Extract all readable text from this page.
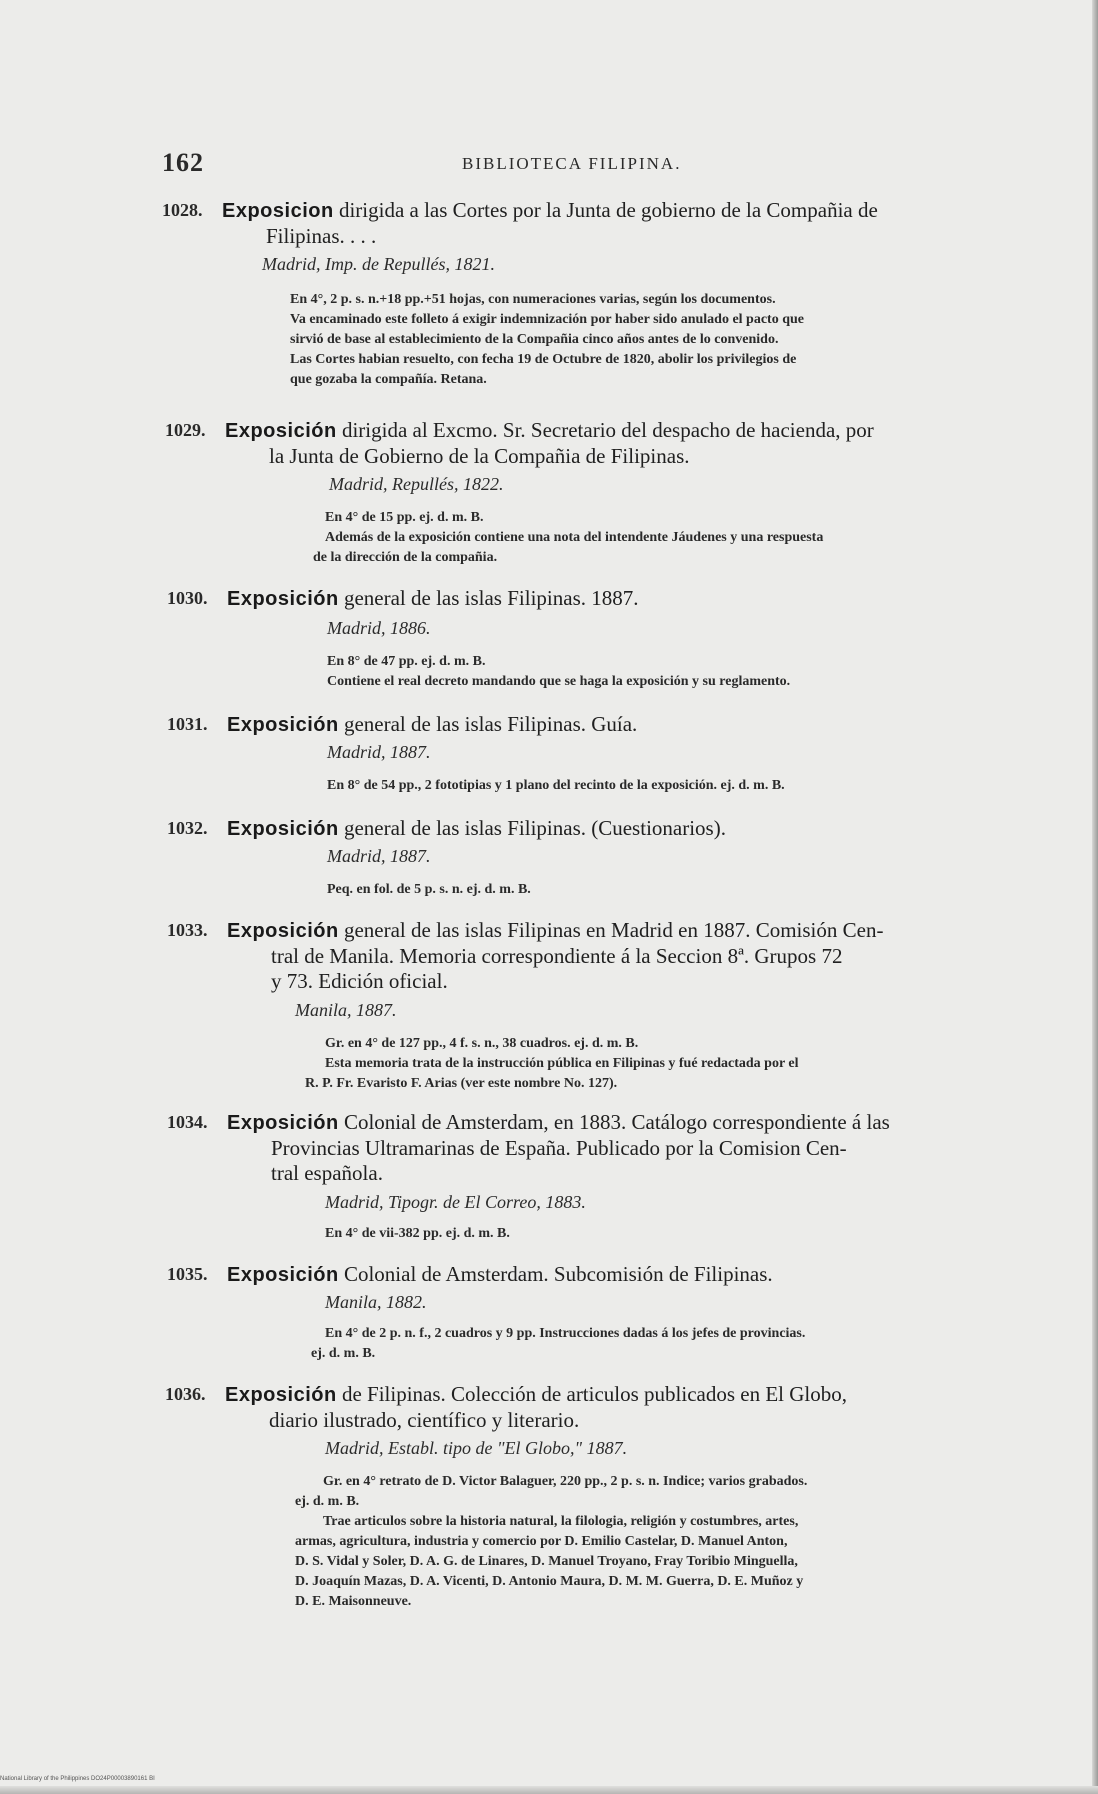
162	BIBLIOTECA FILIPINA.
1028. Exposicion dirigida a las Cortes por la Junta de gobierno de la Compañia de
Filipinas. . . .
Madrid, Imp. de Repullés, 1821.
En 4°, 2 p. s. n.+18 pp.+51 hojas, con numeraciones varias, según los documentos.
Va encaminado este folleto á exigir indemnización por haber sido anulado el pacto que
sirvió de base al establecimiento de la Compañia cinco años antes de lo convenido.
Las Cortes habian resuelto, con fecha 19 de Octubre de 1820, abolir los privilegios de
que gozaba la compañía. Retana.
1029. Exposición dirigida al Excmo. Sr. Secretario del despacho de hacienda, por
la Junta de Gobierno de la Compañia de Filipinas.
Madrid, Repullés, 1822.
En 4° de 15 pp. ej. d. m. B.
Además de la exposición contiene una nota del intendente Jáudenes y una respuesta
de la dirección de la compañia.
1030. Exposición general de las islas Filipinas. 1887.
Madrid, 1886.
En 8° de 47 pp. ej. d. m. B.
Contiene el real decreto mandando que se haga la exposición y su reglamento.
1031. Exposición general de las islas Filipinas. Guía.
Madrid, 1887.
En 8° de 54 pp., 2 fototipias y 1 plano del recinto de la exposición. ej. d. m. B.
1032. Exposición general de las islas Filipinas. (Cuestionarios).
Madrid, 1887.
Peq. en fol. de 5 p. s. n. ej. d. m. B.
1033. Exposición general de las islas Filipinas en Madrid en 1887. Comisión Cen-
tral de Manila. Memoria correspondiente á la Seccion 8ª. Grupos 72
y 73. Edición oficial.
Manila, 1887.
Gr. en 4° de 127 pp., 4 f. s. n., 38 cuadros. ej. d. m. B.
Esta memoria trata de la instrucción pública en Filipinas y fué redactada por el
R. P. Fr. Evaristo F. Arias (ver este nombre No. 127).
1034. Exposición Colonial de Amsterdam, en 1883. Catálogo correspondiente á las
Provincias Ultramarinas de España. Publicado por la Comision Cen-
tral española.
Madrid, Tipogr. de El Correo, 1883.
En 4° de vii-382 pp. ej. d. m. B.
1035. Exposición Colonial de Amsterdam. Subcomisión de Filipinas.
Manila, 1882.
En 4° de 2 p. n. f., 2 cuadros y 9 pp. Instrucciones dadas á los jefes de provincias.
ej. d. m. B.
1036. Exposición de Filipinas. Colección de articulos publicados en El Globo,
diario ilustrado, científico y literario.
Madrid, Establ. tipo de "El Globo," 1887.
Gr. en 4° retrato de D. Victor Balaguer, 220 pp., 2 p. s. n. Indice; varios grabados.
ej. d. m. B.
Trae articulos sobre la historia natural, la filologia, religión y costumbres, artes,
armas, agricultura, industria y comercio por D. Emilio Castelar, D. Manuel Anton,
D. S. Vidal y Soler, D. A. G. de Linares, D. Manuel Troyano, Fray Toribio Minguella,
D. Joaquín Mazas, D. A. Vicenti, D. Antonio Maura, D. M. M. Guerra, D. E. Muñoz y
D. E. Maisonneuve.
National Library of the Philippines DO24P00003890161 BI
